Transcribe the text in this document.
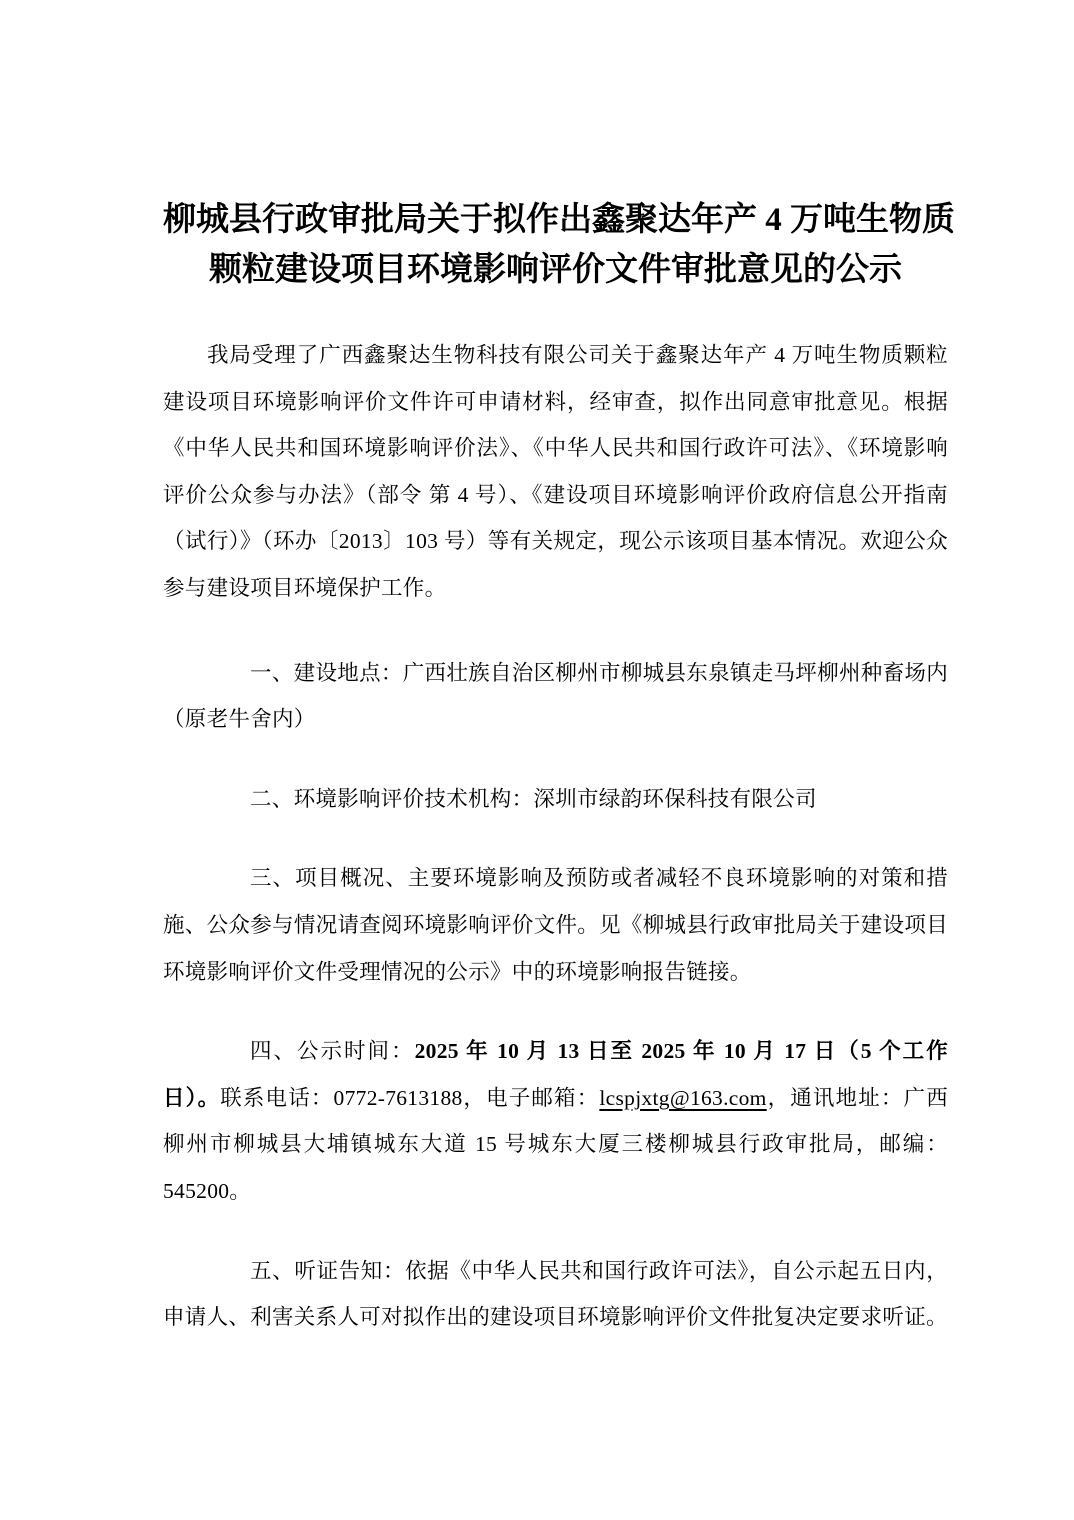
柳城县行政审批局关于拟作出鑫聚达年产 4 万吨生物质
颗粒建设项目环境影响评价文件审批意见的公示

我局受理了广西鑫聚达生物科技有限公司关于鑫聚达年产 4 万吨生物质颗粒建设项目环境影响评价文件许可申请材料，经审查，拟作出同意审批意见。根据《中华人民共和国环境影响评价法》、《中华人民共和国行政许可法》、《环境影响评价公众参与办法》（部令 第 4 号）、《建设项目环境影响评价政府信息公开指南（试行）》（环办〔2013〕103 号）等有关规定，现公示该项目基本情况。欢迎公众参与建设项目环境保护工作。

一、建设地点：广西壮族自治区柳州市柳城县东泉镇走马坪柳州种畜场内（原老牛舍内）

二、环境影响评价技术机构：深圳市绿韵环保科技有限公司

三、项目概况、主要环境影响及预防或者减轻不良环境影响的对策和措施、公众参与情况请查阅环境影响评价文件。见《柳城县行政审批局关于建设项目环境影响评价文件受理情况的公示》中的环境影响报告链接。

四、公示时间：2025 年 10 月 13 日至 2025 年 10 月 17 日（5 个工作日）。联系电话：0772-7613188，电子邮箱：lcspjxtg@163.com，通讯地址：广西柳州市柳城县大埔镇城东大道 15 号城东大厦三楼柳城县行政审批局，邮编：545200。

五、听证告知：依据《中华人民共和国行政许可法》，自公示起五日内，申请人、利害关系人可对拟作出的建设项目环境影响评价文件批复决定要求听证。
